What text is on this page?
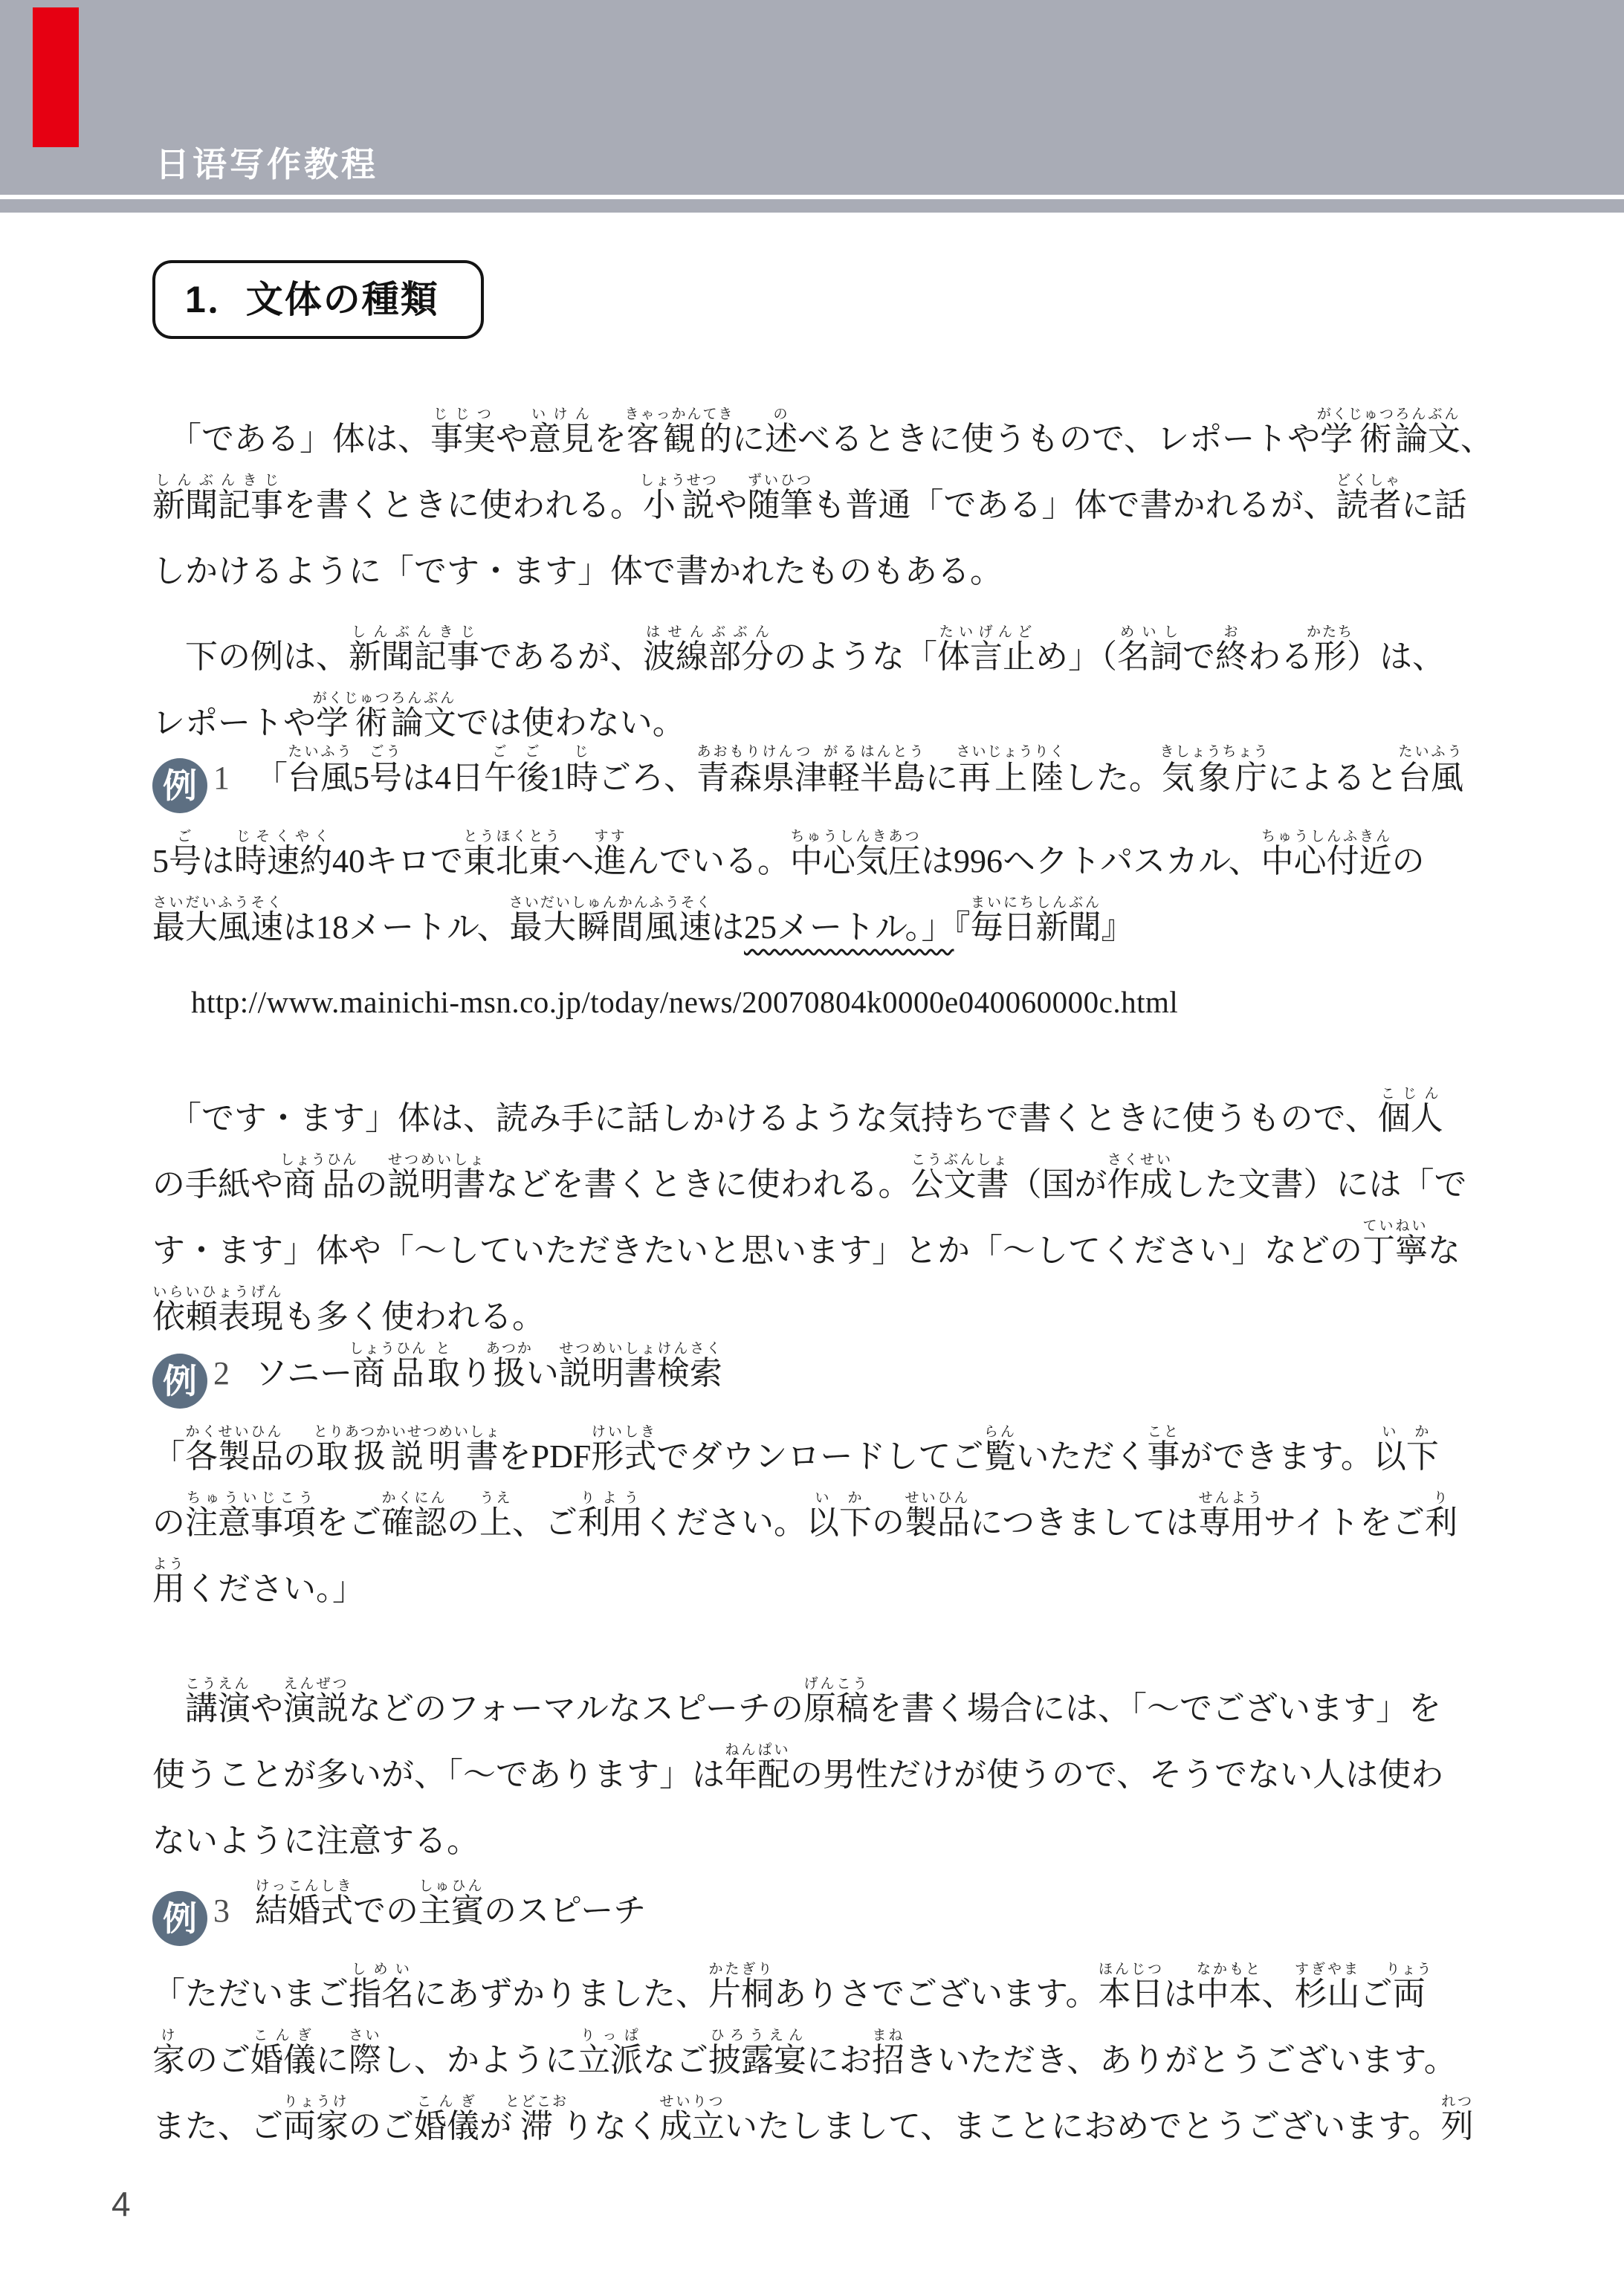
日语写作教程
1．文体の種類
「である」体は、事実じじつや意見いけんを客観的きゃっかんてきに述のべるときに使うもので、レポートや学術がくじゅつ論文ろんぶん、
新聞記事しんぶんきじを書くときに使われる。小説しょうせつや随筆ずいひつも普通「である」体で書かれるが、読者どくしゃに話
しかけるように「です・ます」体で書かれたものもある。
下の例は、新聞記事しんぶんきじであるが、波線部分はせんぶぶんのような「体言止たいげんどめ」（名詞めいしで終おわる形かたち）は、
レポートや学術がくじゅつ論文ろんぶんでは使わない。
例 1 「台風たいふう5号ごうは4日午後ごご1時じごろ、青森県あおもりけん津軽つ がる半島はんとうに再上陸さいじょうりくした。気象庁きしょうちょうによると台風たいふう
5号ごは時速約じそくやく40キロで東北東とうほくとうへ進すすんでいる。中心気圧ちゅうしんきあつは996ヘクトパスカル、中心付近ちゅうしんふきんの
最大風速さいだいふうそくは18メートル、最大瞬間風速さいだいしゅんかんふうそくは25メートル。」『毎日新聞まいにちしんぶん』
http://www.mainichi-msn.co.jp/today/news/20070804k0000e040060000c.html
「です・ます」体は、読み手に話しかけるような気持ちで書くときに使うもので、個人こじん
の手紙や商品しょうひんの説明書せつめいしょなどを書くときに使われる。公文書こうぶんしょ（国が作成さくせいした文書）には「で
す・ます」体や「〜していただきたいと思います」とか「〜してください」などの丁寧ていねいな
依頼表現いらいひょうげんも多く使われる。
例 2 ソニー商品しょうひん取とり扱あつかい説明書せつめいしょ検索けんさく
「各製品かくせいひんの取扱説明書とりあつかいせつめいしょをPDF形式けいしきでダウンロードしてご覧らんいただく事ことができます。以下いか
の注意事項ちゅういじこうをご確認かくにんの上うえ、ご利用りようください。以下いかの製品せいひんにつきましては専用せんようサイトをご利り
用ようください。」
講演こうえんや演説えんぜつなどのフォーマルなスピーチの原稿げんこうを書く場合には、「〜でございます」を
使うことが多いが、「〜であります」は年配ねんぱいの男性だけが使うので、そうでない人は使わ
ないように注意する。
例 3 結婚式けっこんしきでの主賓しゅひんのスピーチ
「ただいまご指名しめいにあずかりました、片桐かたぎりありさでございます。本日ほんじつは中本なかもと、杉山すぎやまご両りょう
家けのご婚儀こんぎに際さいし、かように立派りっぱなご披露宴ひろうえんにお招まねきいただき、ありがとうございます。
また、ご両家りょうけのご婚儀こんぎが滞とどこおりなく成立せいりついたしまして、まことにおめでとうございます。列れつ
4
